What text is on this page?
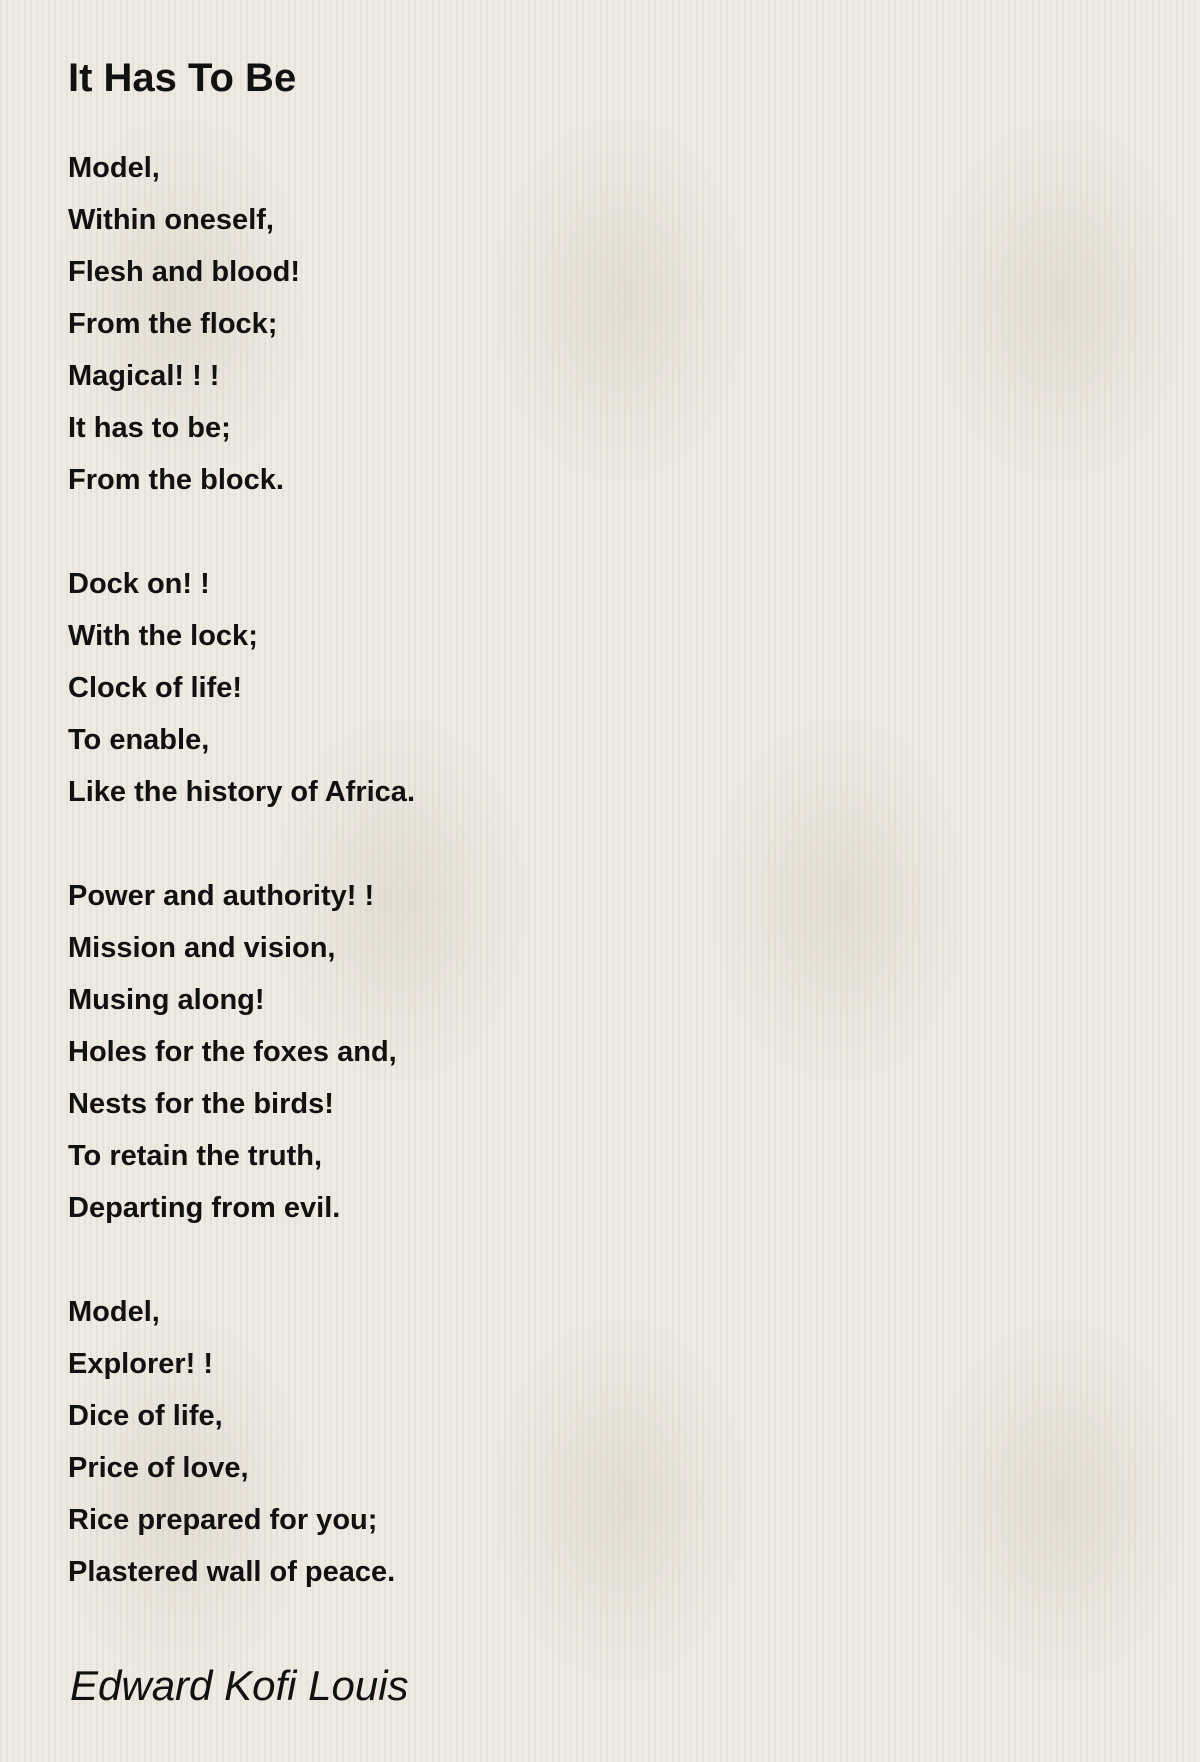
It Has To Be
Model,
Within oneself,
Flesh and blood!
From the flock;
Magical! ! !
It has to be;
From the block.
Dock on! !
With the lock;
Clock of life!
To enable,
Like the history of Africa.
Power and authority! !
Mission and vision,
Musing along!
Holes for the foxes and,
Nests for the birds!
To retain the truth,
Departing from evil.
Model,
Explorer! !
Dice of life,
Price of love,
Rice prepared for you;
Plastered wall of peace.
Edward Kofi Louis
